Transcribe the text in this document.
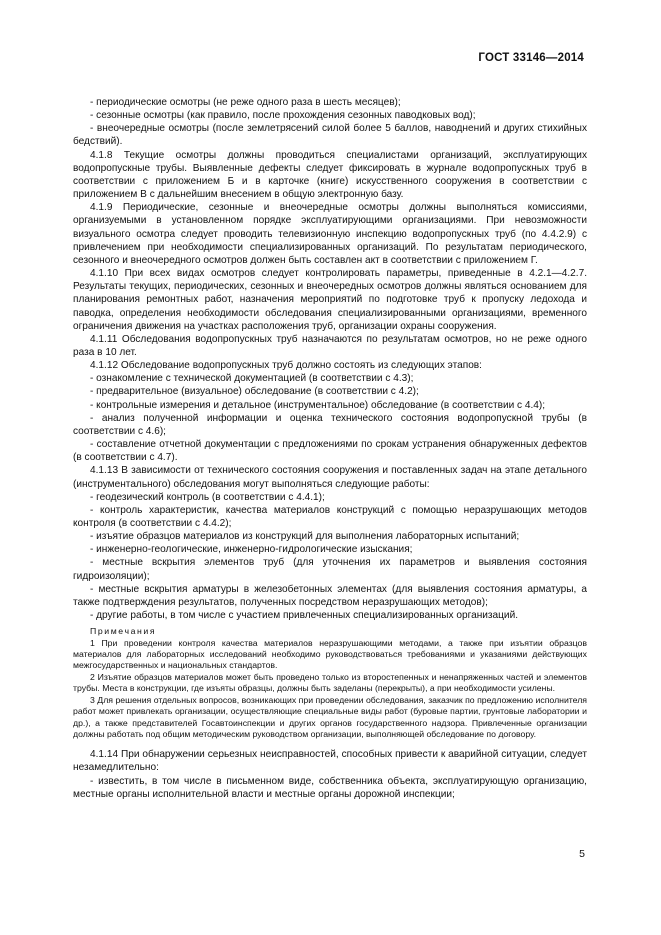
ГОСТ 33146—2014

- периодические осмотры (не реже одного раза в шесть месяцев);

- сезонные осмотры (как правило, после прохождения сезонных паводковых вод);

- внеочередные осмотры (после землетрясений силой более 5 баллов, наводнений и других стихийных бедствий).

4.1.8 Текущие осмотры должны проводиться специалистами организаций, эксплуатирующих водопропускные трубы. Выявленные дефекты следует фиксировать в журнале водопропускных труб в соответствии с приложением Б и в карточке (книге) искусственного сооружения в соответствии с приложением В с дальнейшим внесением в общую электронную базу.

4.1.9 Периодические, сезонные и внеочередные осмотры должны выполняться комиссиями, организуемыми в установленном порядке эксплуатирующими организациями. При невозможности визуального осмотра следует проводить телевизионную инспекцию водопропускных труб (по 4.4.2.9) с привлечением при необходимости специализированных организаций. По результатам периодического, сезонного и внеочередного осмотров должен быть составлен акт в соответствии с приложением Г.

4.1.10 При всех видах осмотров следует контролировать параметры, приведенные в 4.2.1—4.2.7. Результаты текущих, периодических, сезонных и внеочередных осмотров должны являться основанием для планирования ремонтных работ, назначения мероприятий по подготовке труб к пропуску ледохода и паводка, определения необходимости обследования специализированными организациями, временного ограничения движения на участках расположения труб, организации охраны сооружения.

4.1.11 Обследования водопропускных труб назначаются по результатам осмотров, но не реже одного раза в 10 лет.

4.1.12 Обследование водопропускных труб должно состоять из следующих этапов:

- ознакомление с технической документацией (в соответствии с 4.3);

- предварительное (визуальное) обследование (в соответствии с 4.2);

- контрольные измерения и детальное (инструментальное) обследование (в соответствии с 4.4);

- анализ полученной информации и оценка технического состояния водопропускной трубы (в соответствии с 4.6);

- составление отчетной документации с предложениями по срокам устранения обнаруженных дефектов (в соответствии с 4.7).

4.1.13 В зависимости от технического состояния сооружения и поставленных задач на этапе детального (инструментального) обследования могут выполняться следующие работы:

- геодезический контроль (в соответствии с 4.4.1);

- контроль характеристик, качества материалов конструкций с помощью неразрушающих методов контроля (в соответствии с 4.4.2);

- изъятие образцов материалов из конструкций для выполнения лабораторных испытаний;

- инженерно-геологические, инженерно-гидрологические изыскания;

- местные вскрытия элементов труб (для уточнения их параметров и выявления состояния гидроизоляции);

- местные вскрытия арматуры в железобетонных элементах (для выявления состояния арматуры, а также подтверждения результатов, полученных посредством неразрушающих методов);

- другие работы, в том числе с участием привлеченных специализированных организаций.

Примечания

1 При проведении контроля качества материалов неразрушающими методами, а также при изъятии образцов материалов для лабораторных исследований необходимо руководствоваться требованиями и указаниями действующих межгосударственных и национальных стандартов.

2 Изъятие образцов материалов может быть проведено только из второстепенных и ненапряженных частей и элементов трубы. Места в конструкции, где изъяты образцы, должны быть заделаны (перекрыты), а при необходимости усилены.

3 Для решения отдельных вопросов, возникающих при проведении обследования, заказчик по предложению исполнителя работ может привлекать организации, осуществляющие специальные виды работ (буровые партии, грунтовые лаборатории и др.), а также представителей Госавтоинспекции и других органов государственного надзора. Привлеченные организации должны работать под общим методическим руководством организации, выполняющей обследование по договору.

4.1.14 При обнаружении серьезных неисправностей, способных привести к аварийной ситуации, следует незамедлительно:

- известить, в том числе в письменном виде, собственника объекта, эксплуатирующую организацию, местные органы исполнительной власти и местные органы дорожной инспекции;

5
